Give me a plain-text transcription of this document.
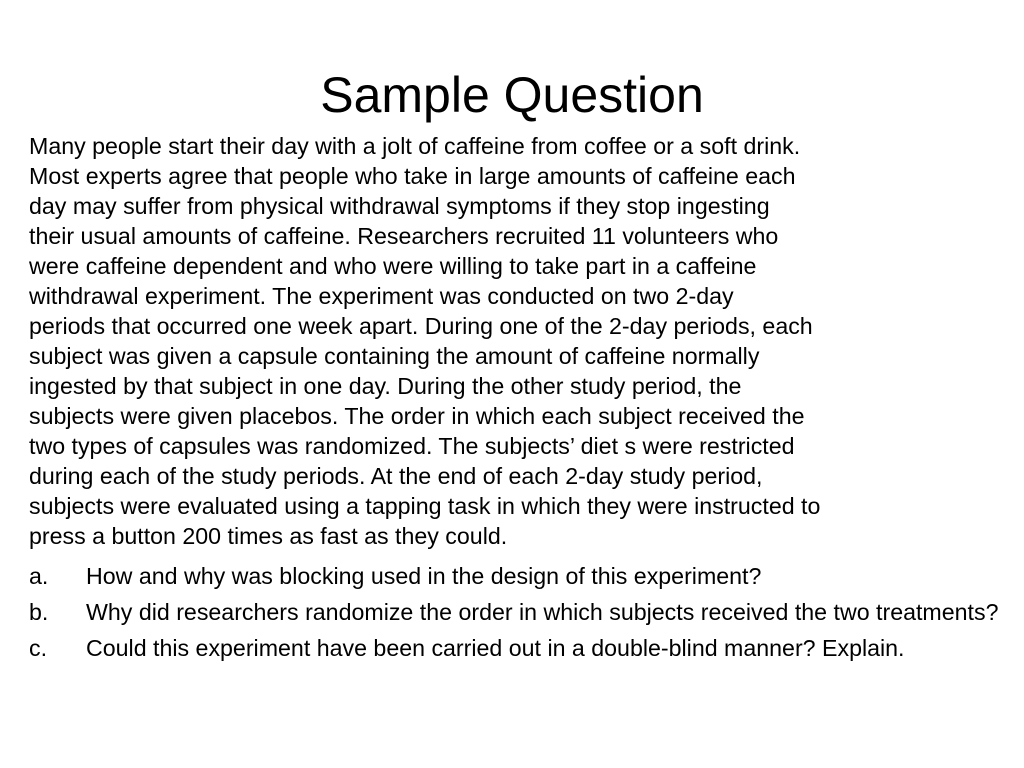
Sample Question

Many people start their day with a jolt of caffeine from coffee or a soft drink.
Most experts agree that people who take in large amounts of caffeine each
day may suffer from physical withdrawal symptoms if they stop ingesting
their usual amounts of caffeine. Researchers recruited 11 volunteers who
were caffeine dependent and who were willing to take part in a caffeine
withdrawal experiment. The experiment was conducted on two 2-day
periods that occurred one week apart. During one of the 2-day periods, each
subject was given a capsule containing the amount of caffeine normally
ingested by that subject in one day. During the other study period, the
subjects were given placebos. The order in which each subject received the
two types of capsules was randomized. The subjects’ diet s were restricted
during each of the study periods. At the end of each 2-day study period,
subjects were evaluated using a tapping task in which they were instructed to
press a button 200 times as fast as they could.

a.	How and why was blocking used in the design of this experiment?
b.	Why did researchers randomize the order in which subjects received the two treatments?
c.	Could this experiment have been carried out in a double-blind manner? Explain.
